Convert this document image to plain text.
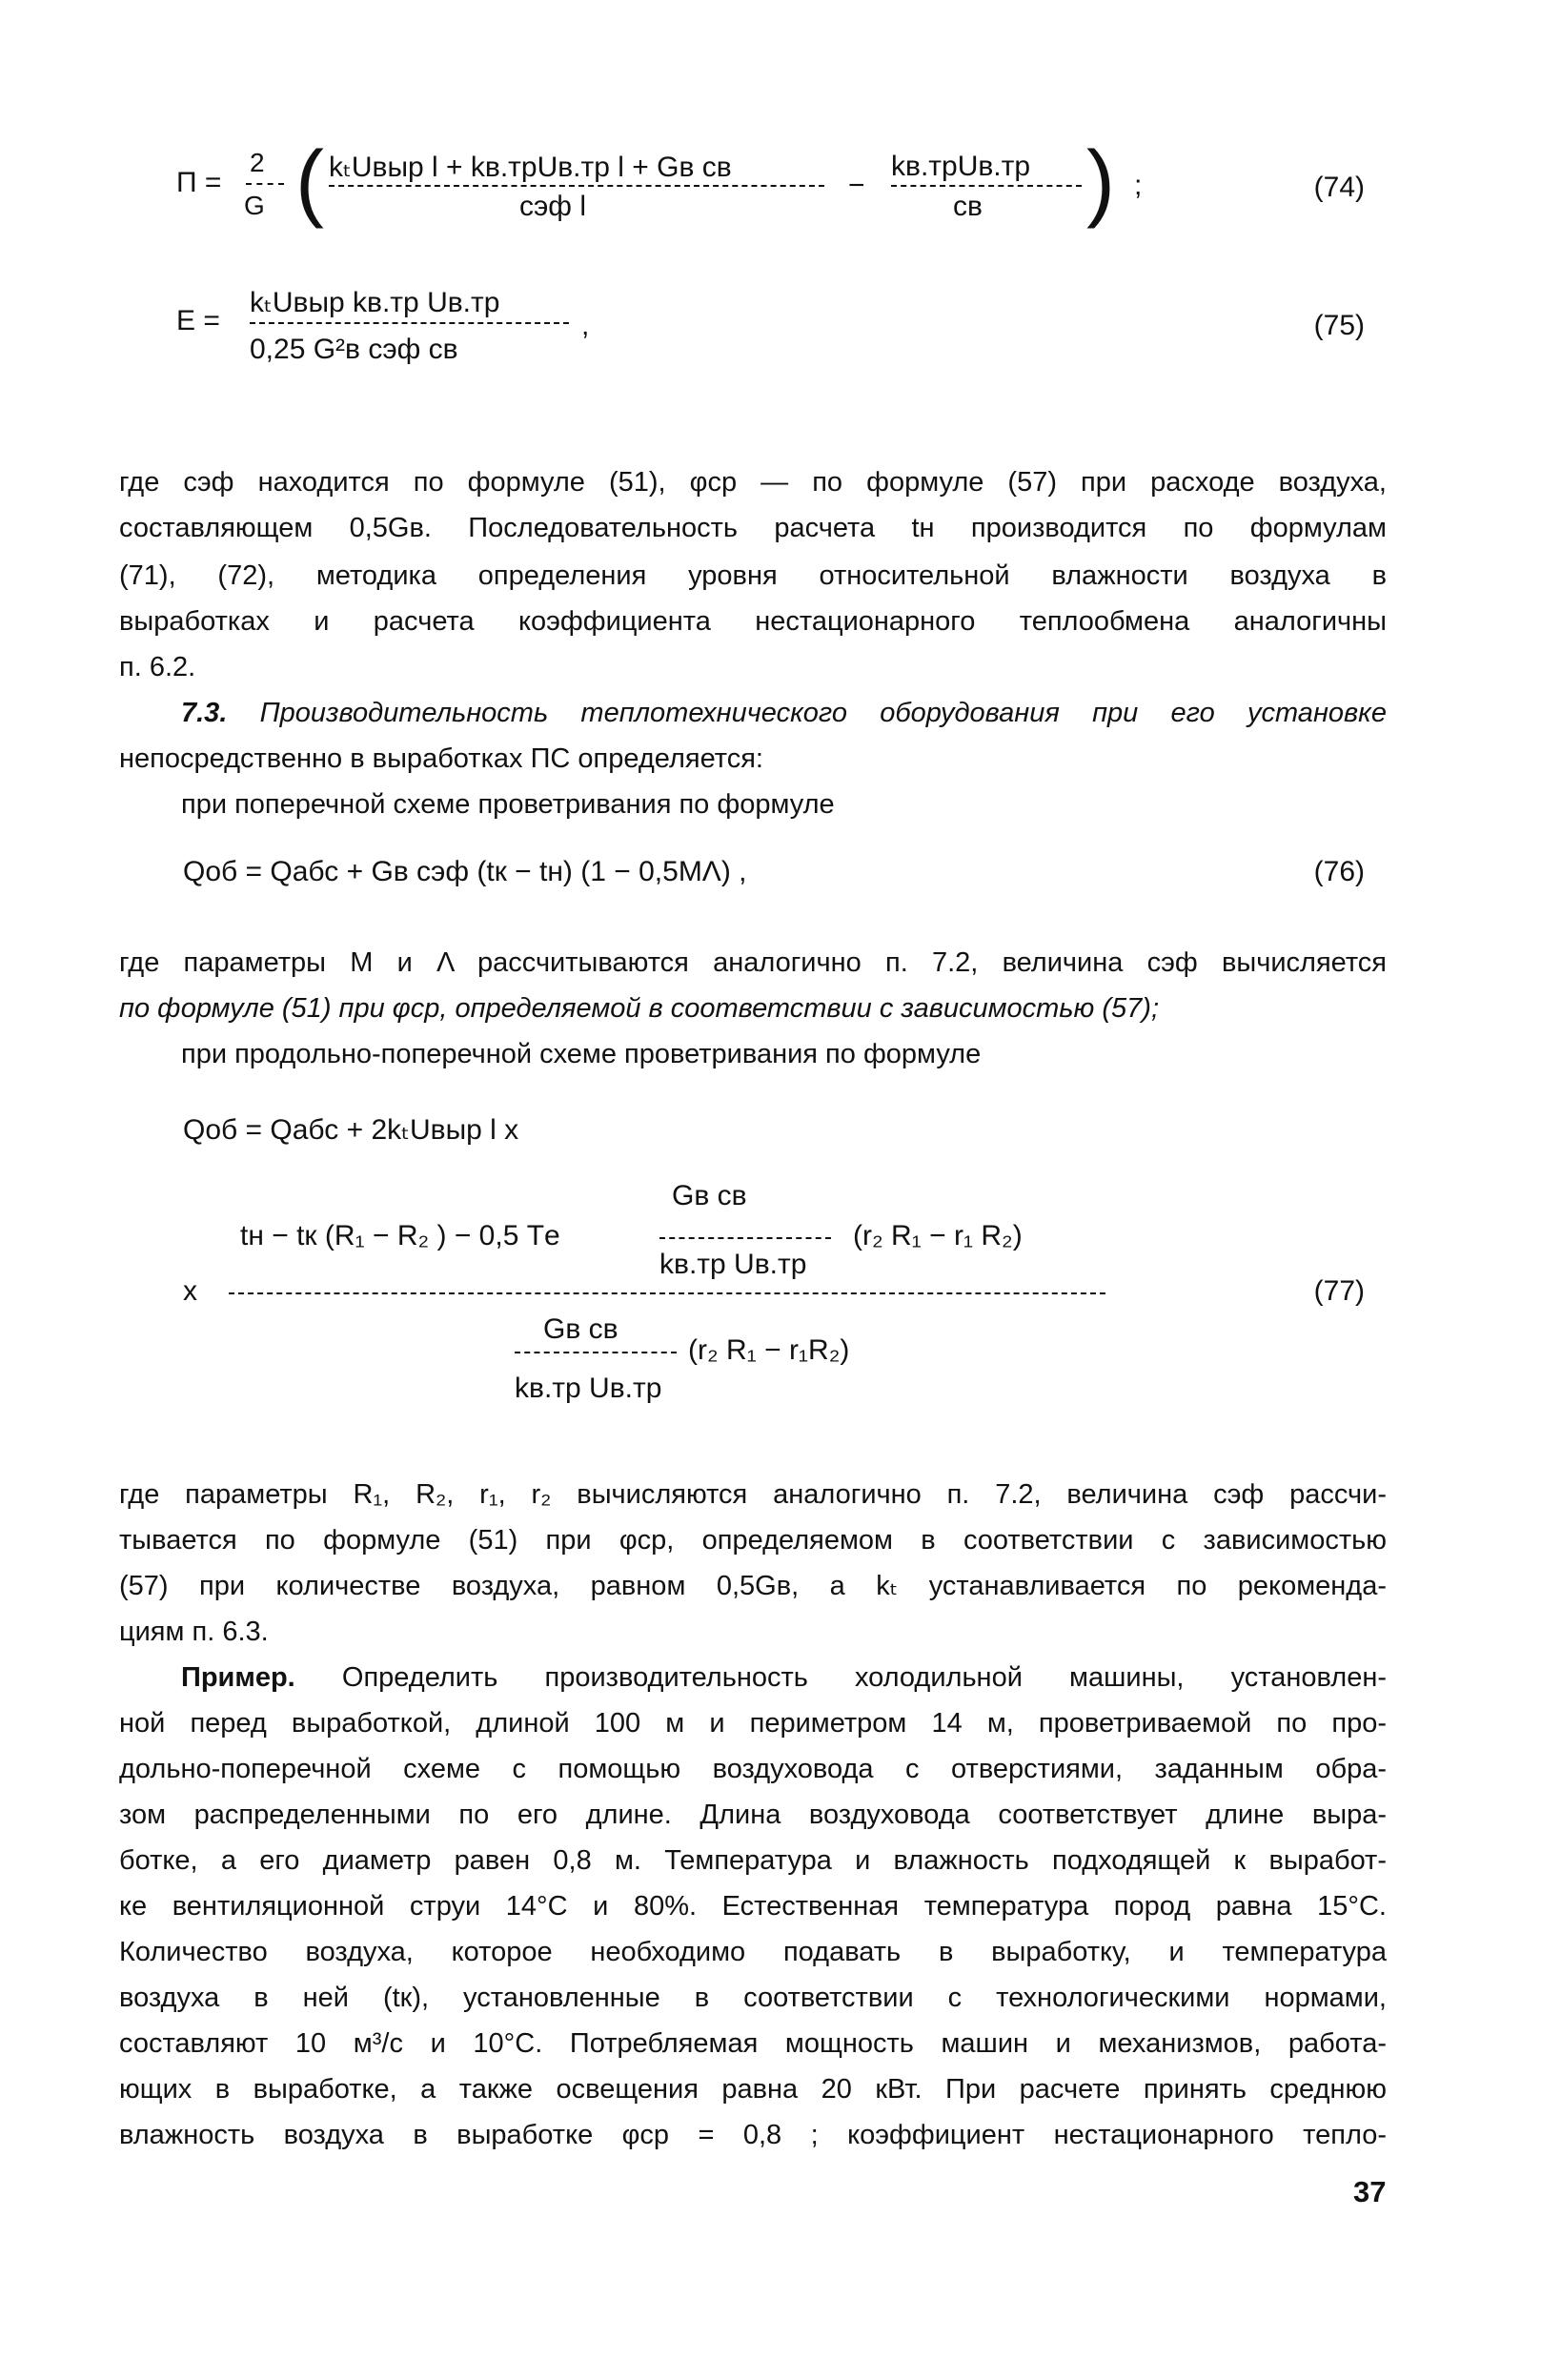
П =
2
G ( kₜUвыр l + kв.трUв.тр l + Gв cв
cэф l
−
kв.трUв.тр
cв ) ;	(74)
E =
kₜUвыр kв.тр Uв.тр
0,25 G²в cэф cв
,	(75)
где cэф находится по формуле (51), φср — по формуле (57) при расходе воздуха,
составляющем 0,5Gв. Последовательность расчета tн производится по формулам
(71), (72), методика определения уровня относительной влажности воздуха в
выработках и расчета коэффициента нестационарного теплообмена аналогичны
п. 6.2.
7.3. Производительность теплотехнического оборудования при его установке
непосредственно в выработках ПС определяется:
при поперечной схеме проветривания по формуле
Qоб = Qабс + Gв cэф (tк − tн) (1 − 0,5MΛ) ,	(76)
где параметры M и Λ рассчитываются аналогично п. 7.2, величина cэф вычисляется
по формуле (51) при φср, определяемой в соответствии с зависимостью (57);
при продольно-поперечной схеме проветривания по формуле
Qоб = Qабс + 2kₜUвыр l x
Gв cв
tн − tк (R₁ − R₂ ) − 0,5 Tе
kв.тр Uв.тр
(r₂ R₁ − r₁ R₂)
x	(77)
Gв cв
kв.тр Uв.тр
(r₂ R₁ − r₁R₂)
где параметры R₁, R₂, r₁, r₂ вычисляются аналогично п. 7.2, величина cэф рассчи-
тывается по формуле (51) при φср, определяемом в соответствии с зависимостью
(57) при количестве воздуха, равном 0,5Gв, а kₜ устанавливается по рекоменда-
циям п. 6.3.
Пример. Определить производительность холодильной машины, установлен-
ной перед выработкой, длиной 100 м и периметром 14 м, проветриваемой по про-
дольно-поперечной схеме с помощью воздуховода с отверстиями, заданным обра-
зом распределенными по его длине. Длина воздуховода соответствует длине выра-
ботке, а его диаметр равен 0,8 м. Температура и влажность подходящей к выработ-
ке вентиляционной струи 14°С и 80%. Естественная температура пород равна 15°С.
Количество воздуха, которое необходимо подавать в выработку, и температура
воздуха в ней (tк), установленные в соответствии с технологическими нормами,
составляют 10 м³/с и 10°С. Потребляемая мощность машин и механизмов, работа-
ющих в выработке, а также освещения равна 20 кВт. При расчете принять среднюю
влажность воздуха в выработке φср = 0,8 ; коэффициент нестационарного тепло-
37
